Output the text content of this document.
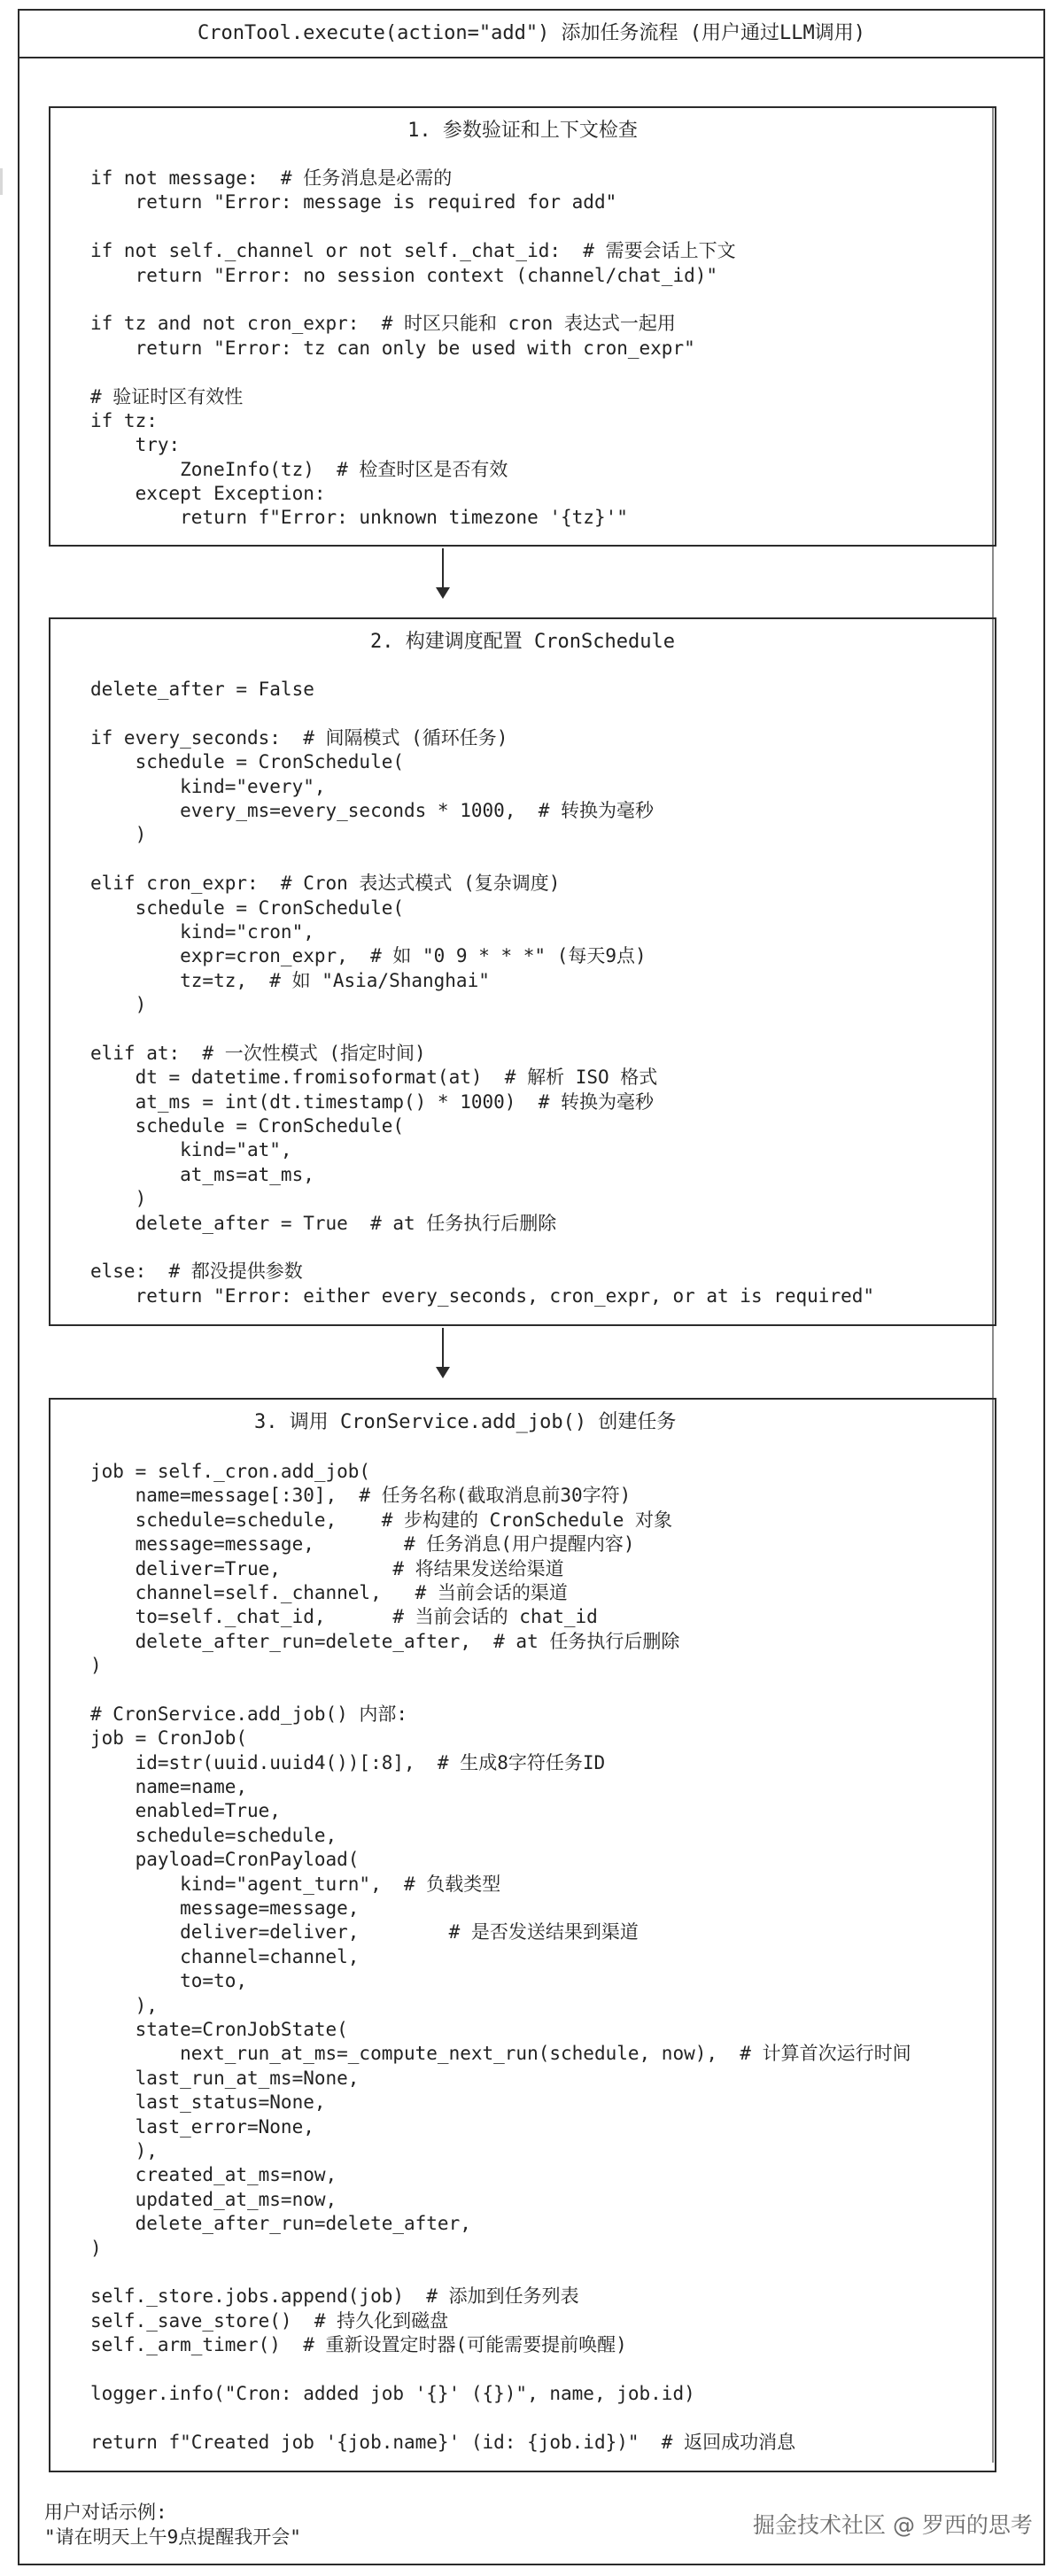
CronTool.execute(action="add") 添加任务流程 (用户通过LLM调用)
1. 参数验证和上下文检查
if not message:  # 任务消息是必需的
return "Error: message is required for add"
if not self._channel or not self._chat_id:  # 需要会话上下文
return "Error: no session context (channel/chat_id)"
if tz and not cron_expr:  # 时区只能和 cron 表达式一起用
return "Error: tz can only be used with cron_expr"
# 验证时区有效性
if tz:
try:
ZoneInfo(tz)  # 检查时区是否有效
except Exception:
return f"Error: unknown timezone '{tz}'"
2. 构建调度配置 CronSchedule
delete_after = False
if every_seconds:  # 间隔模式 (循环任务)
schedule = CronSchedule(
kind="every",
every_ms=every_seconds * 1000,  # 转换为毫秒
)
elif cron_expr:  # Cron 表达式模式 (复杂调度)
schedule = CronSchedule(
kind="cron",
expr=cron_expr,  # 如 "0 9 * * *" (每天9点)
tz=tz,  # 如 "Asia/Shanghai"
)
elif at:  # 一次性模式 (指定时间)
dt = datetime.fromisoformat(at)  # 解析 ISO 格式
at_ms = int(dt.timestamp() * 1000)  # 转换为毫秒
schedule = CronSchedule(
kind="at",
at_ms=at_ms,
)
delete_after = True  # at 任务执行后删除
else:  # 都没提供参数
return "Error: either every_seconds, cron_expr, or at is required"
3. 调用 CronService.add_job() 创建任务
job = self._cron.add_job(
name=message[:30],  # 任务名称(截取消息前30字符)
schedule=schedule,    # 步构建的 CronSchedule 对象
message=message,        # 任务消息(用户提醒内容)
deliver=True,          # 将结果发送给渠道
channel=self._channel,   # 当前会话的渠道
to=self._chat_id,      # 当前会话的 chat_id
delete_after_run=delete_after,  # at 任务执行后删除
)
# CronService.add_job() 内部:
job = CronJob(
id=str(uuid.uuid4())[:8],  # 生成8字符任务ID
name=name,
enabled=True,
schedule=schedule,
payload=CronPayload(
kind="agent_turn",  # 负载类型
message=message,
deliver=deliver,        # 是否发送结果到渠道
channel=channel,
to=to,
),
state=CronJobState(
next_run_at_ms=_compute_next_run(schedule, now),  # 计算首次运行时间
last_run_at_ms=None,
last_status=None,
last_error=None,
),
created_at_ms=now,
updated_at_ms=now,
delete_after_run=delete_after,
)
self._store.jobs.append(job)  # 添加到任务列表
self._save_store()  # 持久化到磁盘
self._arm_timer()  # 重新设置定时器(可能需要提前唤醒)
logger.info("Cron: added job '{}' ({})", name, job.id)
return f"Created job '{job.name}' (id: {job.id})"  # 返回成功消息
用户对话示例:
"请在明天上午9点提醒我开会"	掘金技术社区 @ 罗西的思考
